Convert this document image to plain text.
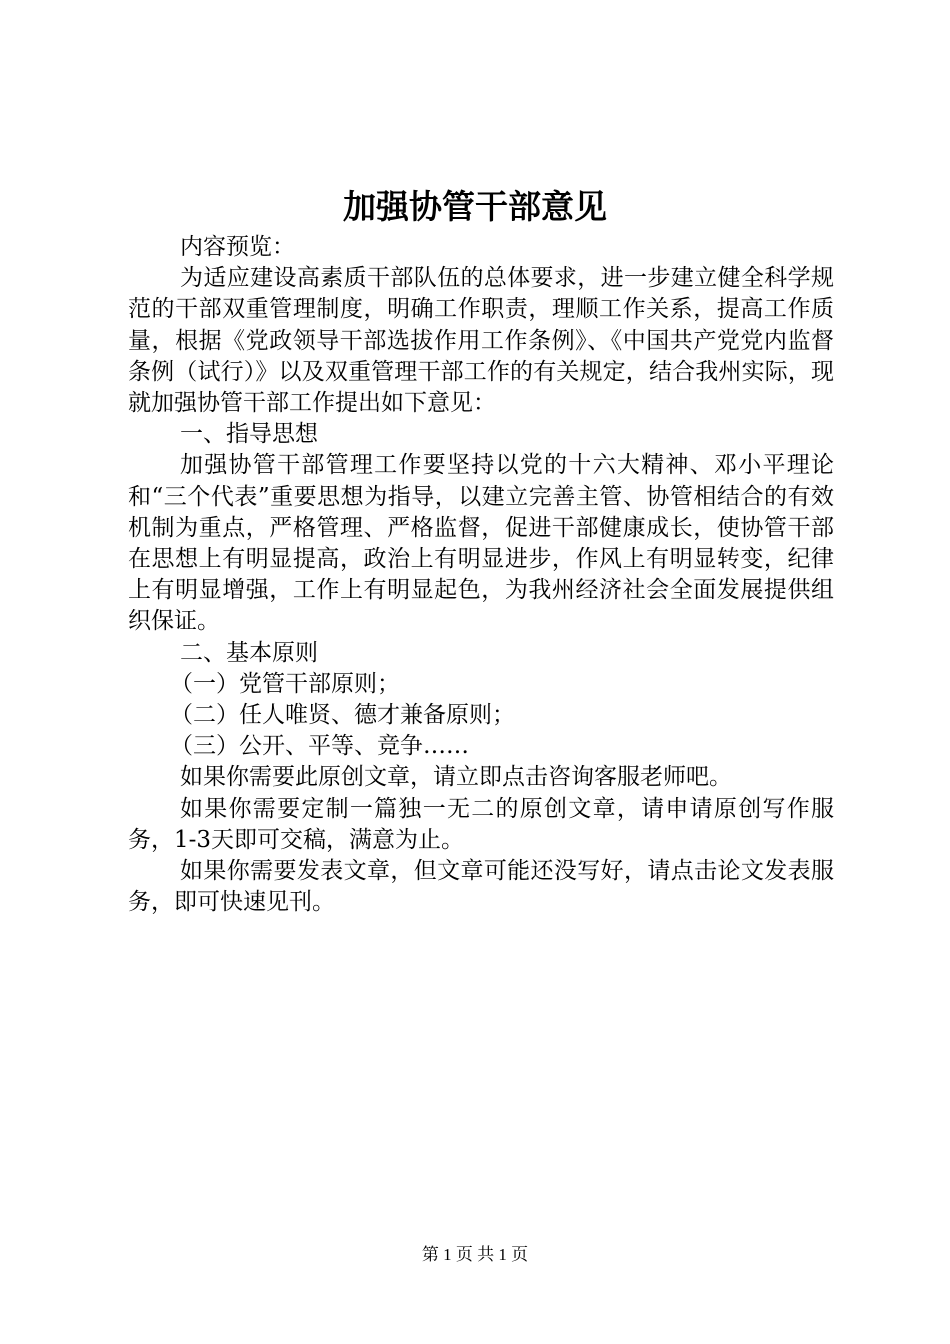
加强协管干部意见

内容预览：

为适应建设高素质干部队伍的总体要求，进一步建立健全科学规范的干部双重管理制度，明确工作职责，理顺工作关系，提高工作质量，根据《党政领导干部选拔作用工作条例》、《中国共产党党内监督条例（试行）》以及双重管理干部工作的有关规定，结合我州实际，现就加强协管干部工作提出如下意见：

一、指导思想

加强协管干部管理工作要坚持以党的十六大精神、邓小平理论和“三个代表”重要思想为指导，以建立完善主管、协管相结合的有效机制为重点，严格管理、严格监督，促进干部健康成长，使协管干部在思想上有明显提高，政治上有明显进步，作风上有明显转变，纪律上有明显增强，工作上有明显起色，为我州经济社会全面发展提供组织保证。

二、基本原则

（一）党管干部原则；

（二）任人唯贤、德才兼备原则；

（三）公开、平等、竞争……

如果你需要此原创文章，请立即点击咨询客服老师吧。

如果你需要定制一篇独一无二的原创文章，请申请原创写作服务，1-3天即可交稿，满意为止。

如果你需要发表文章，但文章可能还没写好，请点击论文发表服务，即可快速见刊。

第 1 页 共 1 页
